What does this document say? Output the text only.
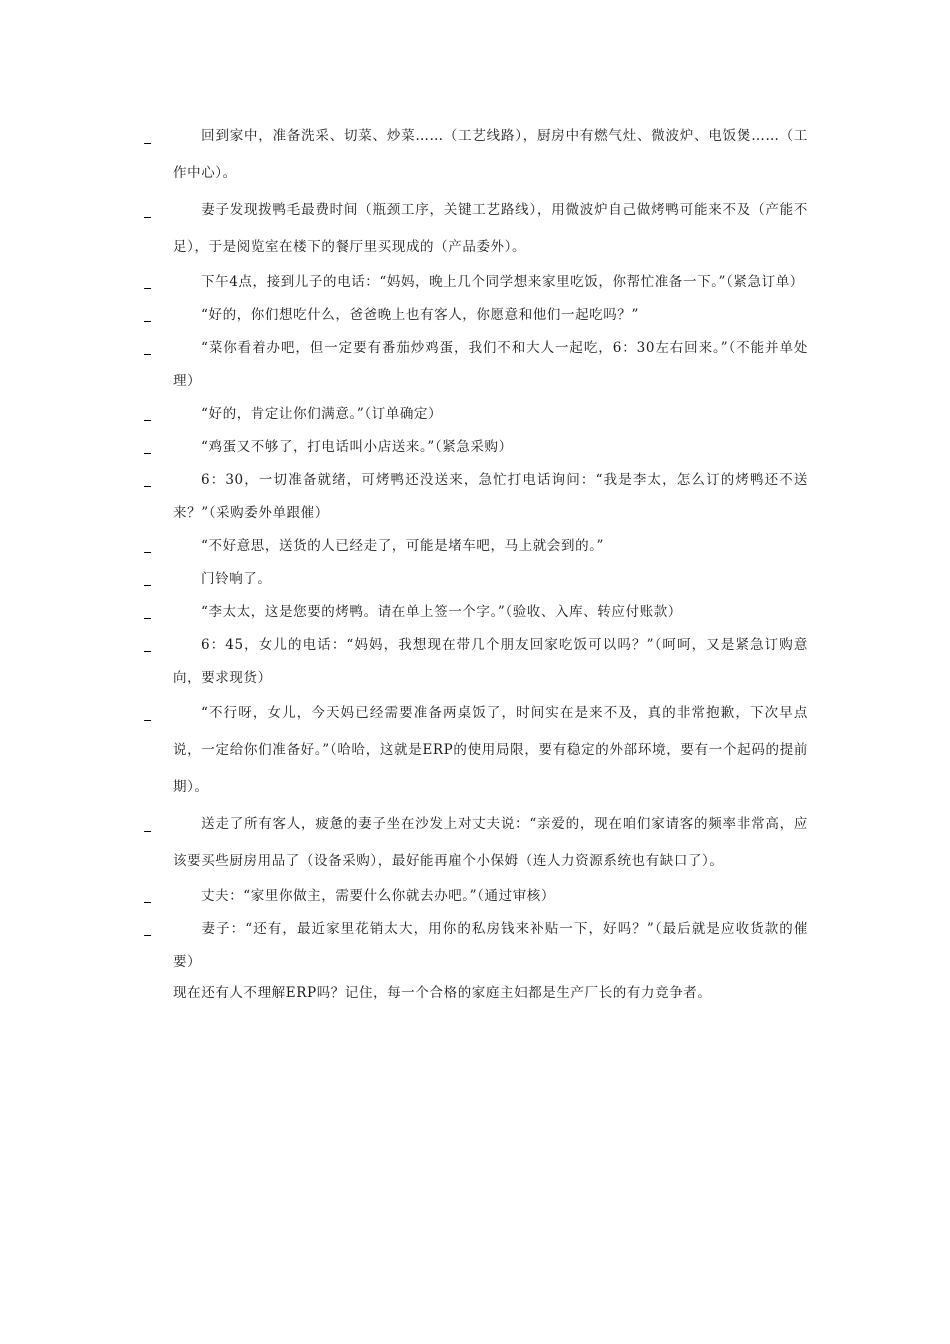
回到家中，准备洗采、切菜、炒菜……（工艺线路），厨房中有燃气灶、微波炉、电饭煲……（工作中心）。
妻子发现拨鸭毛最费时间（瓶颈工序，关键工艺路线），用微波炉自己做烤鸭可能来不及（产能不足），于是阅览室在楼下的餐厅里买现成的（产品委外）。
下午4点，接到儿子的电话：“妈妈，晚上几个同学想来家里吃饭，你帮忙准备一下。”（紧急订单）
“好的，你们想吃什么，爸爸晚上也有客人，你愿意和他们一起吃吗？”
“菜你看着办吧，但一定要有番茄炒鸡蛋，我们不和大人一起吃，6：30左右回来。”（不能并单处理）
“好的，肯定让你们满意。”（订单确定）
“鸡蛋又不够了，打电话叫小店送来。”（紧急采购）
6：30，一切准备就绪，可烤鸭还没送来，急忙打电话询问：“我是李太，怎么订的烤鸭还不送来？”（采购委外单跟催）
“不好意思，送货的人已经走了，可能是堵车吧，马上就会到的。”
门铃响了。
“李太太，这是您要的烤鸭。请在单上签一个字。”（验收、入库、转应付账款）
6：45，女儿的电话：“妈妈，我想现在带几个朋友回家吃饭可以吗？”（呵呵，又是紧急订购意向，要求现货）
“不行呀，女儿，今天妈已经需要准备两桌饭了，时间实在是来不及，真的非常抱歉，下次早点说，一定给你们准备好。”（哈哈，这就是ERP的使用局限，要有稳定的外部环境，要有一个起码的提前期）。
送走了所有客人，疲惫的妻子坐在沙发上对丈夫说：“亲爱的，现在咱们家请客的频率非常高，应该要买些厨房用品了（设备采购），最好能再雇个小保姆（连人力资源系统也有缺口了）。
丈夫：“家里你做主，需要什么你就去办吧。”（通过审核）
妻子：“还有，最近家里花销太大，用你的私房钱来补贴一下，好吗？”（最后就是应收货款的催要）
现在还有人不理解ERP吗？记住，每一个合格的家庭主妇都是生产厂长的有力竞争者。
